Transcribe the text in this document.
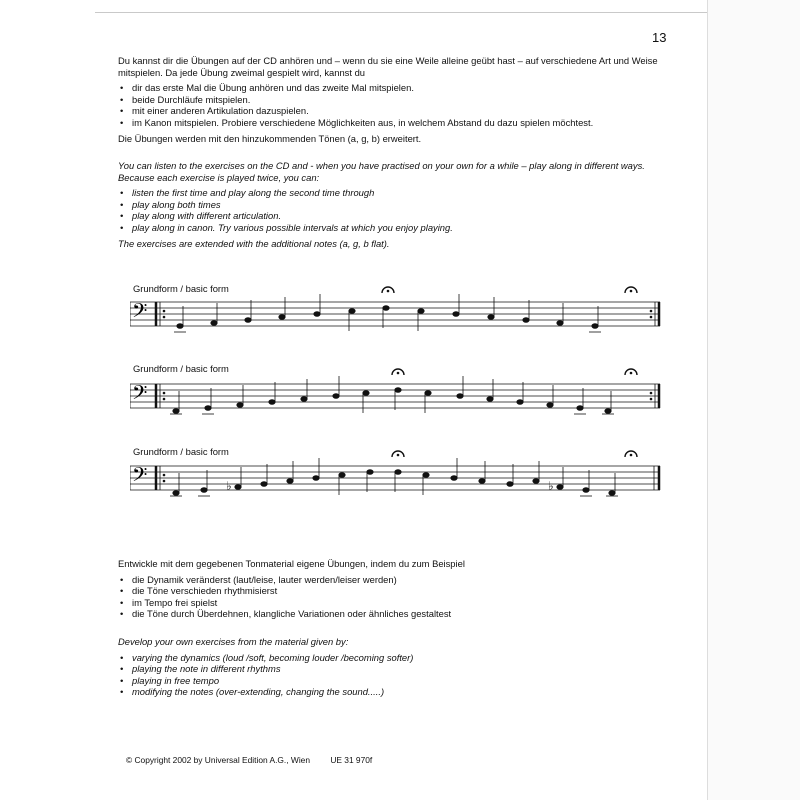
13

Du kannst dir die Übungen auf der CD anhören und – wenn du sie eine Weile alleine geübt hast – auf verschiedene Art und Weise mitspielen. Da jede Übung zweimal gespielt wird, kannst du

• dir das erste Mal die Übung anhören und das zweite Mal mitspielen.
• beide Durchläufe mitspielen.
• mit einer anderen Artikulation dazuspielen.
• im Kanon mitspielen. Probiere verschiedene Möglichkeiten aus, in welchem Abstand du dazu spielen möchtest.

Die Übungen werden mit den hinzukommenden Tönen (a, g, b) erweitert.

You can listen to the exercises on the CD and - when you have practised on your own for a while – play along in different ways. Because each exercise is played twice, you can:

• listen the first time and play along the second time through
• play along both times
• play along with different articulation.
• play along in canon. Try various possible intervals at which you enjoy playing.

The exercises are extended with the additional notes (a, g, b flat).

Grundform / basic form
𝄢
Grundform / basic form
𝄢
Grundform / basic form
𝄢	♭	♭

Entwickle mit dem gegebenen Tonmaterial eigene Übungen, indem du zum Beispiel

• die Dynamik veränderst (laut/leise, lauter werden/leiser werden)
• die Töne verschieden rhythmisierst
• im Tempo frei spielst
• die Töne durch Überdehnen, klangliche Variationen oder ähnliches gestaltest

Develop your own exercises from the material given by:

• varying the dynamics (loud /soft, becoming louder /becoming softer)
• playing the note in different rhythms
• playing in free tempo
• modifying the notes (over-extending, changing the sound.....)
© Copyright 2002 by Universal Edition A.G., Wien UE 31 970f
